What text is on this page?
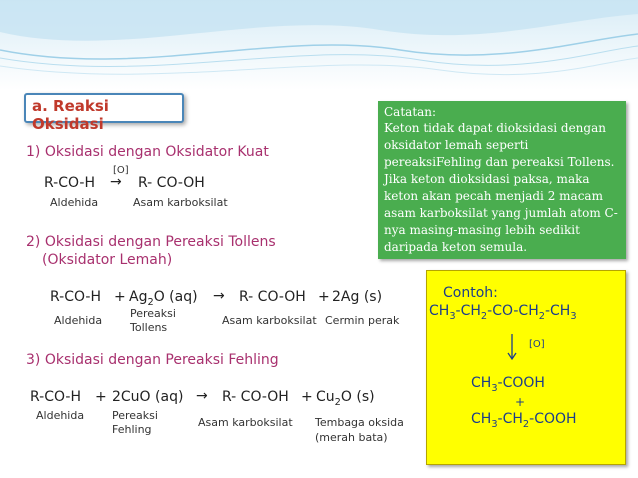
a. Reaksi Oksidasi
1) Oksidasi dengan Oksidator Kuat
R-CO-H
[O]
→ R- CO-OH
Aldehida	Asam karboksilat
2) Oksidasi dengan Pereaksi Tollens
(Oksidator Lemah)
$R-CO-H + Ag_2O$ (aq) → R- CO-OH + 2Ag (s)
Aldehida
Pereaksi
Tollens
Asam karboksilat Cermin perak
3) Oksidasi dengan Pereaksi Fehling
R-CO-H + 2CuO (aq) → R- $CO-OH + Cu_2O$ (s)
Aldehida	Pereaksi
Fehling
Asam karboksilat Tembaga oksida
(merah bata)
Catatan:
Keton tidak dapat dioksidasi dengan
oksidator lemah seperti
pereaksiFehling dan pereaksi Tollens.
Jika keton dioksidasi paksa, maka
keton akan pecah menjadi 2 macam
asam karboksilat yang jumlah atom C-
nya masing-masing lebih sedikit
daripada keton semula.
Contoh:
$CH_3-CH_2-CO-CH_2-CH_3$
[O]
$CH_3$-COOH
+
$CH_3-CH_2$-COOH
